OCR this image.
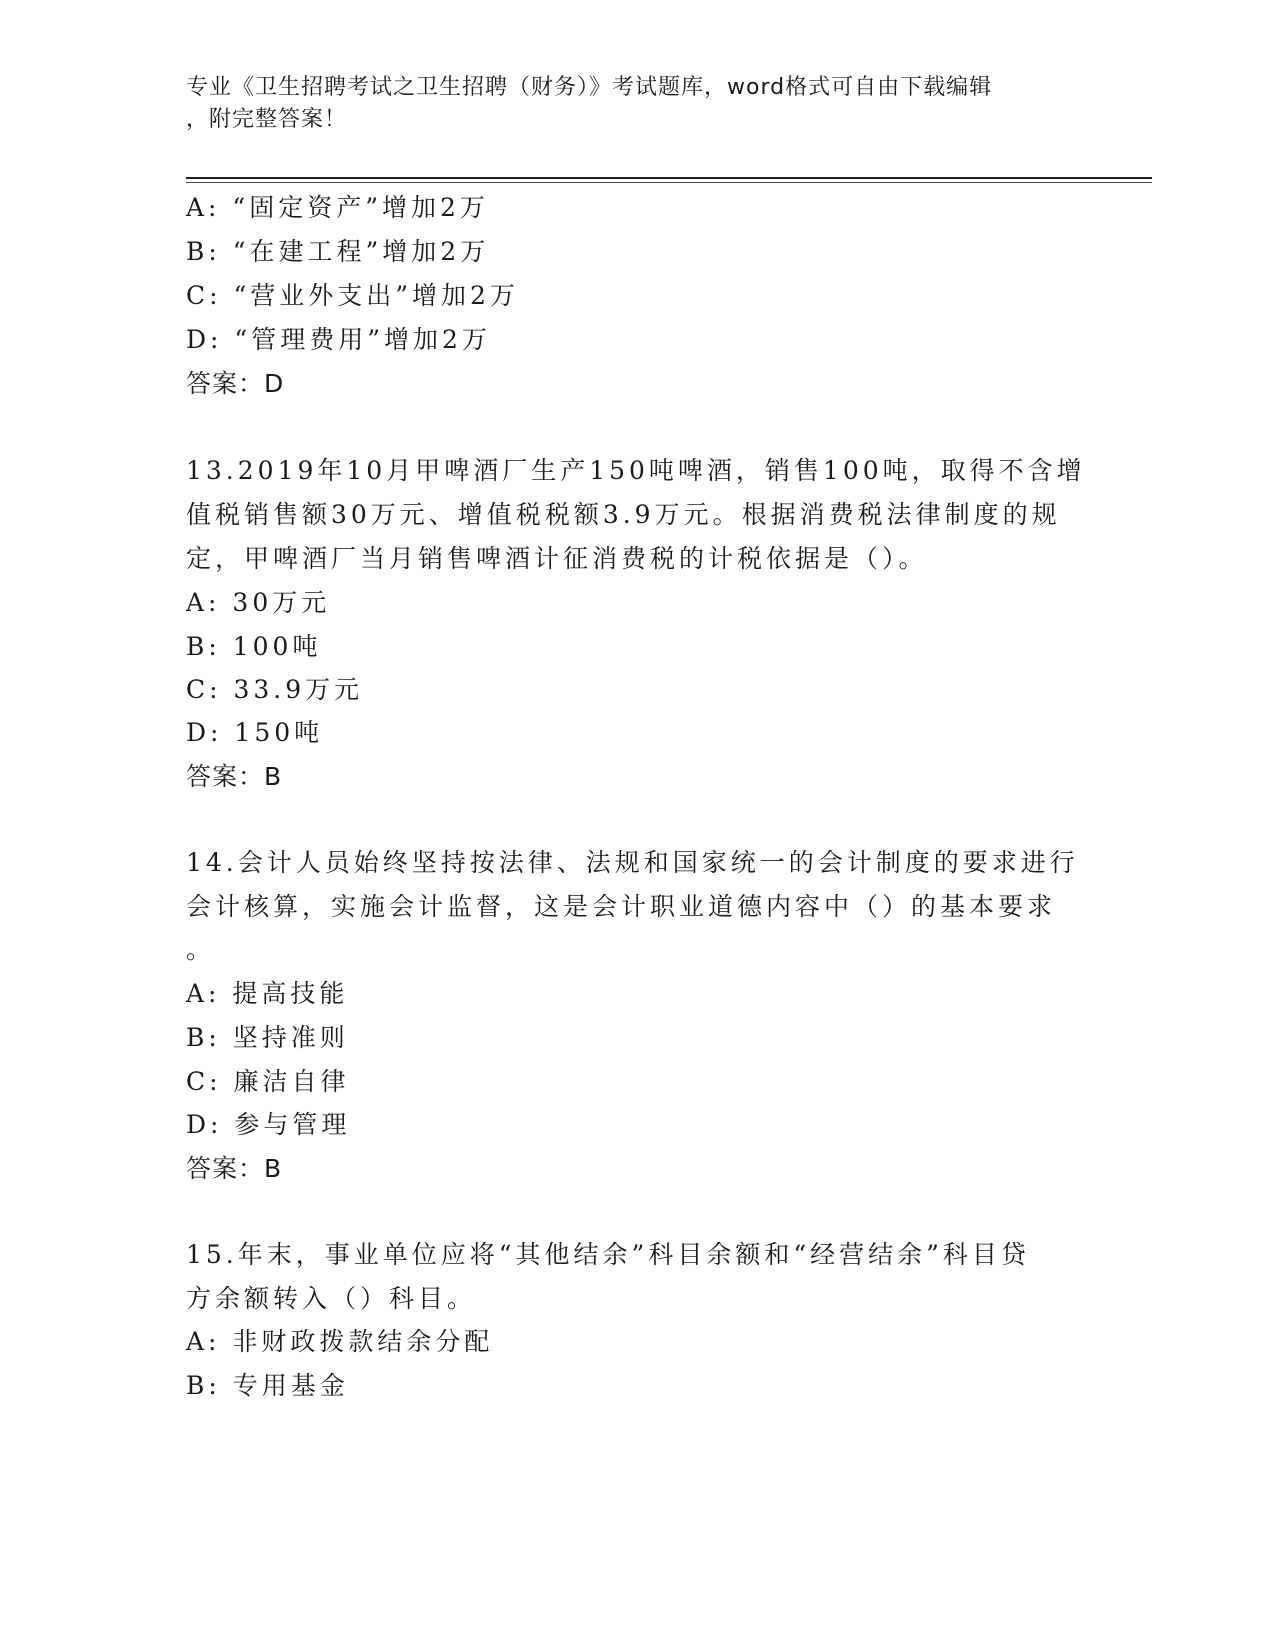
专业《卫生招聘考试之卫生招聘（财务）》考试题库，word格式可自由下载编辑
，附完整答案！
A: “固定资产”增加2万
B: “在建工程”增加2万
C: “营业外支出”增加2万
D: “管理费用”增加2万
答案：D
13.2019年10月甲啤酒厂生产150吨啤酒，销售100吨，取得不含增
值税销售额30万元、增值税税额3.9万元。根据消费税法律制度的规
定，甲啤酒厂当月销售啤酒计征消费税的计税依据是（）。
A: 30万元
B: 100吨
C: 33.9万元
D: 150吨
答案：B
14.会计人员始终坚持按法律、法规和国家统一的会计制度的要求进行
会计核算，实施会计监督，这是会计职业道德内容中（）的基本要求
。
A: 提高技能
B: 坚持准则
C: 廉洁自律
D: 参与管理
答案：B
15.年末，事业单位应将“其他结余”科目余额和“经营结余”科目贷
方余额转入（）科目。
A: 非财政拨款结余分配
B: 专用基金
